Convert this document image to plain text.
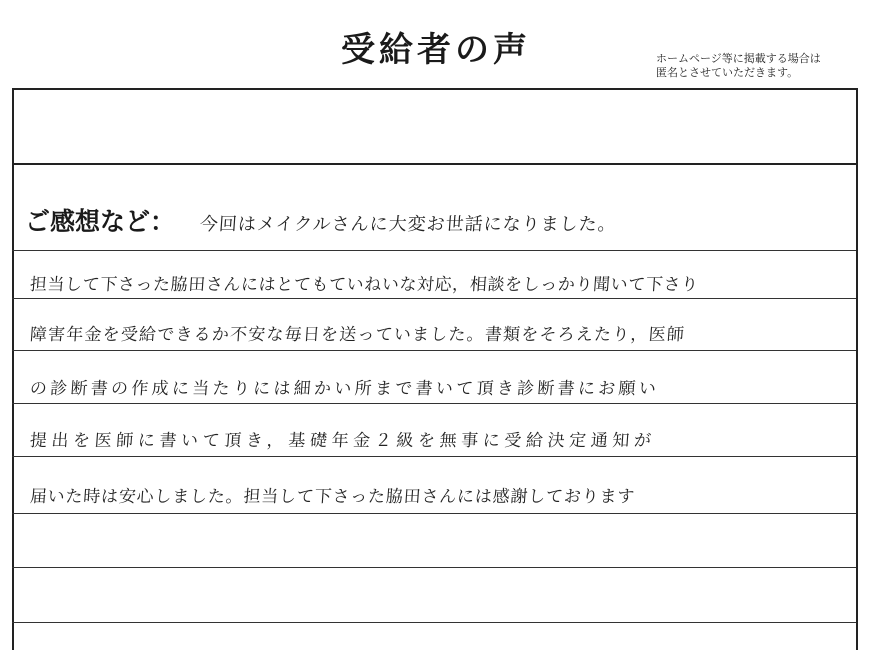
受給者の声	ホームページ等に掲載する場合は
匿名とさせていただきます。
ご感想など： 今回はメイクルさんに大変お世話になりました。
担当して下さった脇田さんにはとてもていねいな対応，相談をしっかり聞いて下さり
障害年金を受給できるか不安な毎日を送っていました。書類をそろえたり，医師
の診断書の作成に当たりには細かい所まで書いて頂き診断書にお願い
提出を医師に書いて頂き，基礎年金２級を無事に受給決定通知が
届いた時は安心しました。担当して下さった脇田さんには感謝しております
